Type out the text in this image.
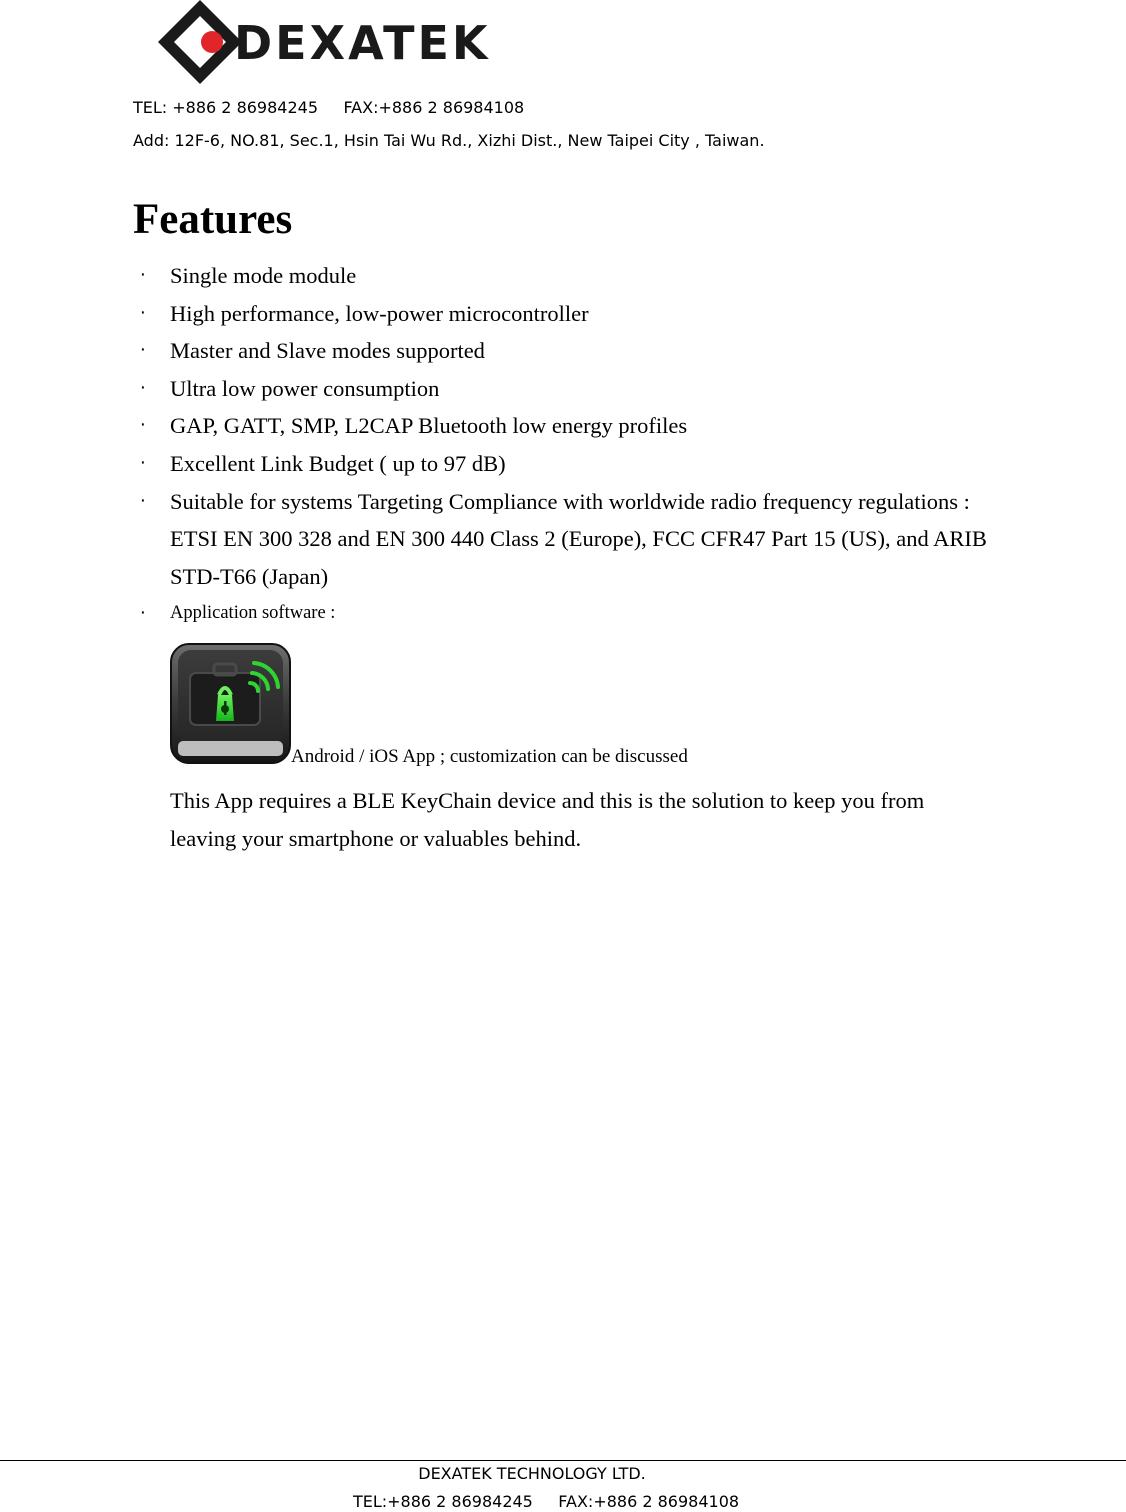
DEXATEK
TEL: +886 2 86984245     FAX:+886 2 86984108
Add: 12F-6, NO.81, Sec.1, Hsin Tai Wu Rd., Xizhi Dist., New Taipei City , Taiwan.
Features
‧ Single mode module
‧ High performance, low-power microcontroller
‧ Master and Slave modes supported
‧ Ultra low power consumption
‧ GAP, GATT, SMP, L2CAP Bluetooth low energy profiles
‧ Excellent Link Budget ( up to 97 dB)
‧ Suitable for systems Targeting Compliance with worldwide radio frequency regulations : ETSI EN 300 328 and EN 300 440 Class 2 (Europe), FCC CFR47 Part 15 (US), and ARIB STD-T66 (Japan)
‧ Application software :
Android / iOS App ; customization can be discussed

This App requires a BLE KeyChain device and this is the solution to keep you from leaving your smartphone or valuables behind.

DEXATEK TECHNOLOGY LTD.
TEL:+886 2 86984245     FAX:+886 2 86984108
